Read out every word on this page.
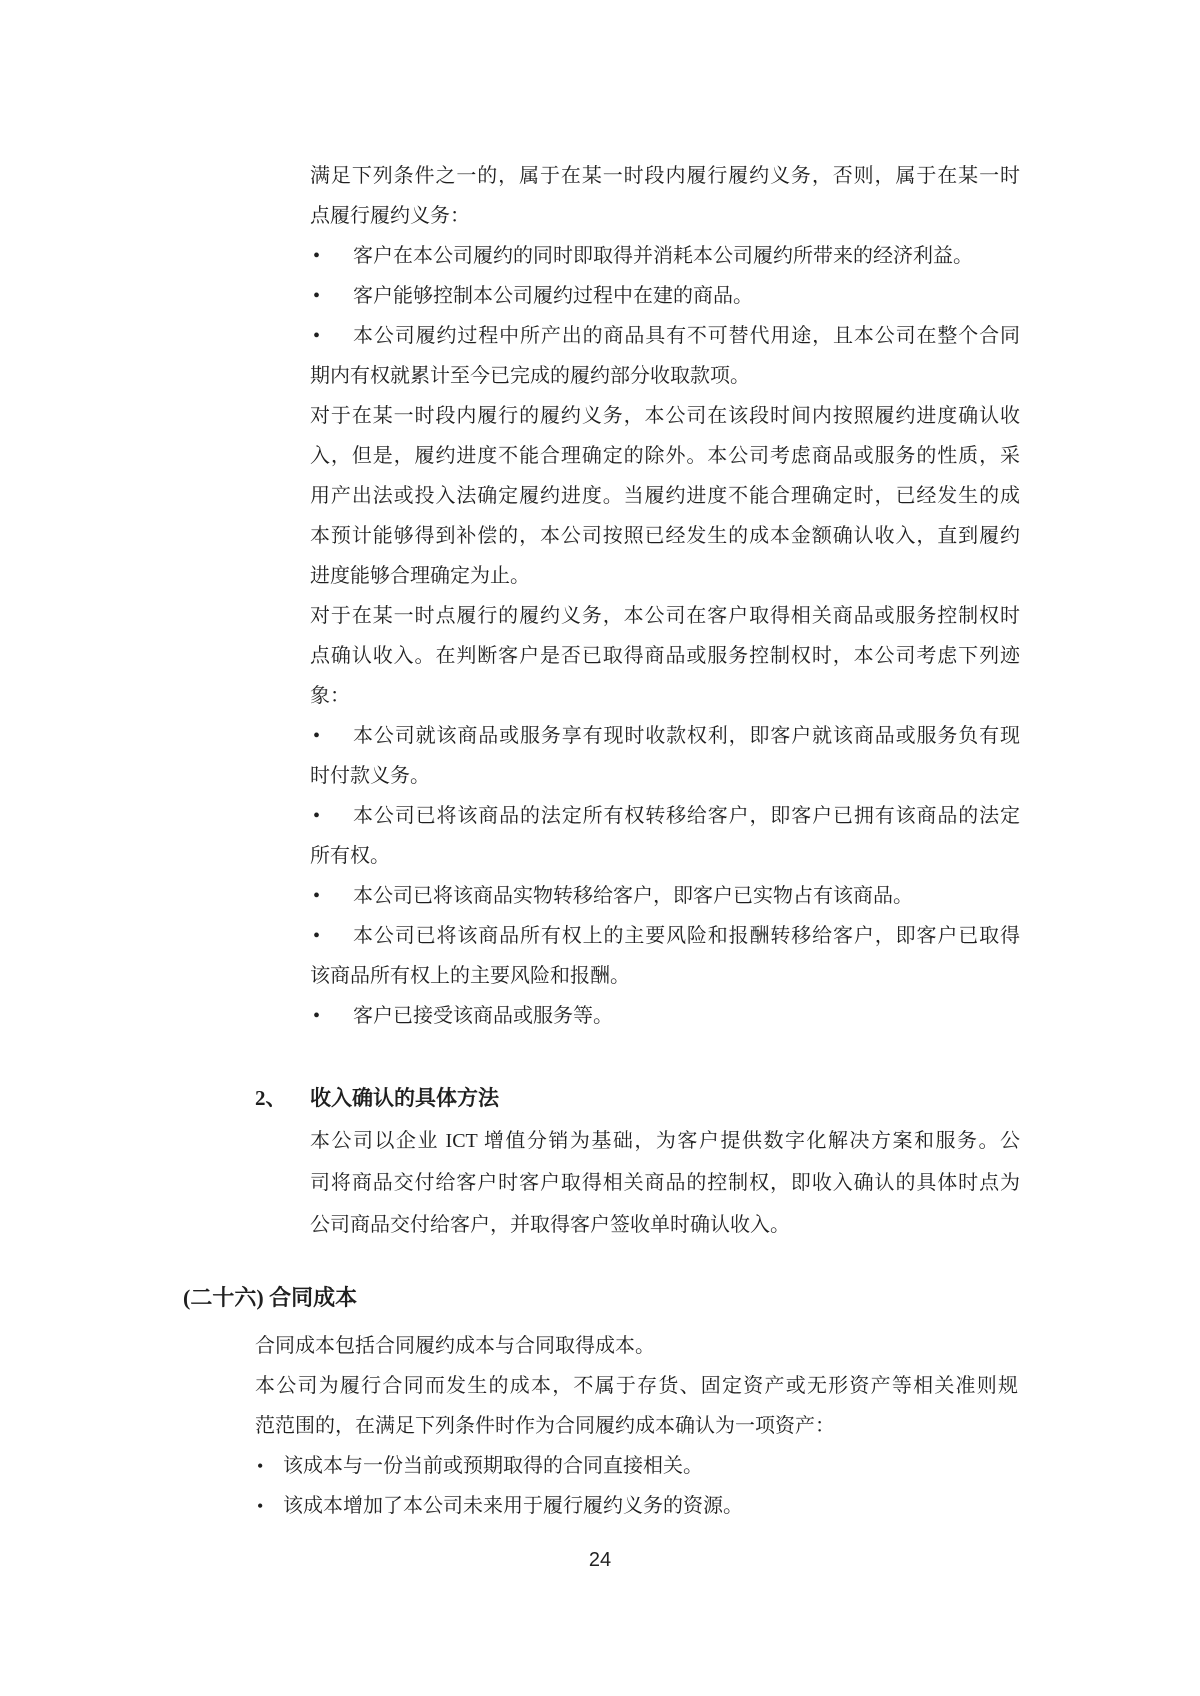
满足下列条件之一的，属于在某一时段内履行履约义务，否则，属于在某一时
点履行履约义务：
• 客户在本公司履约的同时即取得并消耗本公司履约所带来的经济利益。
• 客户能够控制本公司履约过程中在建的商品。
• 本公司履约过程中所产出的商品具有不可替代用途，且本公司在整个合同
期内有权就累计至今已完成的履约部分收取款项。
对于在某一时段内履行的履约义务，本公司在该段时间内按照履约进度确认收
入，但是，履约进度不能合理确定的除外。本公司考虑商品或服务的性质，采
用产出法或投入法确定履约进度。当履约进度不能合理确定时，已经发生的成
本预计能够得到补偿的，本公司按照已经发生的成本金额确认收入，直到履约
进度能够合理确定为止。
对于在某一时点履行的履约义务，本公司在客户取得相关商品或服务控制权时
点确认收入。在判断客户是否已取得商品或服务控制权时，本公司考虑下列迹
象：
• 本公司就该商品或服务享有现时收款权利，即客户就该商品或服务负有现
时付款义务。
• 本公司已将该商品的法定所有权转移给客户，即客户已拥有该商品的法定
所有权。
• 本公司已将该商品实物转移给客户，即客户已实物占有该商品。
• 本公司已将该商品所有权上的主要风险和报酬转移给客户，即客户已取得
该商品所有权上的主要风险和报酬。
• 客户已接受该商品或服务等。
2、 收入确认的具体方法
本公司以企业 ICT 增值分销为基础，为客户提供数字化解决方案和服务。公
司将商品交付给客户时客户取得相关商品的控制权，即收入确认的具体时点为
公司商品交付给客户，并取得客户签收单时确认收入。
(二十六) 合同成本
合同成本包括合同履约成本与合同取得成本。
本公司为履行合同而发生的成本，不属于存货、固定资产或无形资产等相关准则规
范范围的，在满足下列条件时作为合同履约成本确认为一项资产：
• 该成本与一份当前或预期取得的合同直接相关。
• 该成本增加了本公司未来用于履行履约义务的资源。
24
